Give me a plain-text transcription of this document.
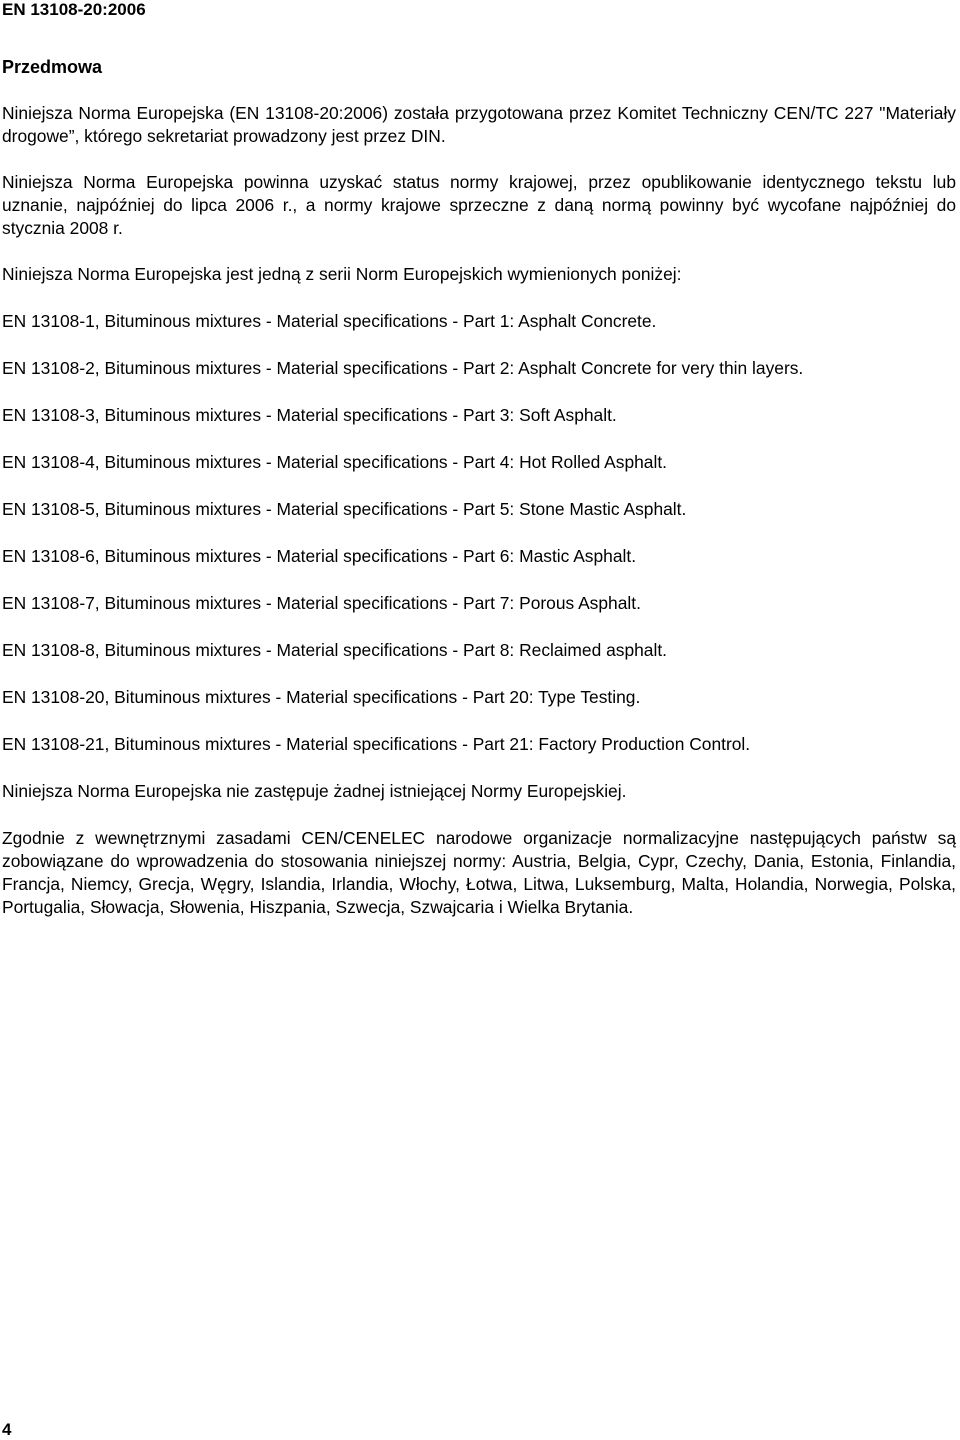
EN 13108-20:2006
Przedmowa

Niniejsza Norma Europejska (EN 13108-20:2006) została przygotowana przez Komitet Techniczny CEN/TC 227 "Materiały drogowe”, którego sekretariat prowadzony jest przez DIN.

Niniejsza Norma Europejska powinna uzyskać status normy krajowej, przez opublikowanie identycznego tekstu lub uznanie, najpóźniej do lipca 2006 r., a normy krajowe sprzeczne z daną normą powinny być wycofane najpóźniej do stycznia 2008 r.

Niniejsza Norma Europejska jest jedną z serii Norm Europejskich wymienionych poniżej:

EN 13108-1, Bituminous mixtures - Material specifications - Part 1: Asphalt Concrete.
EN 13108-2, Bituminous mixtures - Material specifications - Part 2: Asphalt Concrete for very thin layers.
EN 13108-3, Bituminous mixtures - Material specifications - Part 3: Soft Asphalt.
EN 13108-4, Bituminous mixtures - Material specifications - Part 4: Hot Rolled Asphalt.
EN 13108-5, Bituminous mixtures - Material specifications - Part 5: Stone Mastic Asphalt.
EN 13108-6, Bituminous mixtures - Material specifications - Part 6: Mastic Asphalt.
EN 13108-7, Bituminous mixtures - Material specifications - Part 7: Porous Asphalt.
EN 13108-8, Bituminous mixtures - Material specifications - Part 8: Reclaimed asphalt.
EN 13108-20, Bituminous mixtures - Material specifications - Part 20: Type Testing.
EN 13108-21, Bituminous mixtures - Material specifications - Part 21: Factory Production Control.

Niniejsza Norma Europejska nie zastępuje żadnej istniejącej Normy Europejskiej.

Zgodnie z wewnętrznymi zasadami CEN/CENELEC narodowe organizacje normalizacyjne następujących państw są zobowiązane do wprowadzenia do stosowania niniejszej normy: Austria, Belgia, Cypr, Czechy, Dania, Estonia, Finlandia, Francja, Niemcy, Grecja, Węgry, Islandia, Irlandia, Włochy, Łotwa, Litwa, Luksemburg, Malta, Holandia, Norwegia, Polska, Portugalia, Słowacja, Słowenia, Hiszpania, Szwecja, Szwajcaria i Wielka Brytania.

4
